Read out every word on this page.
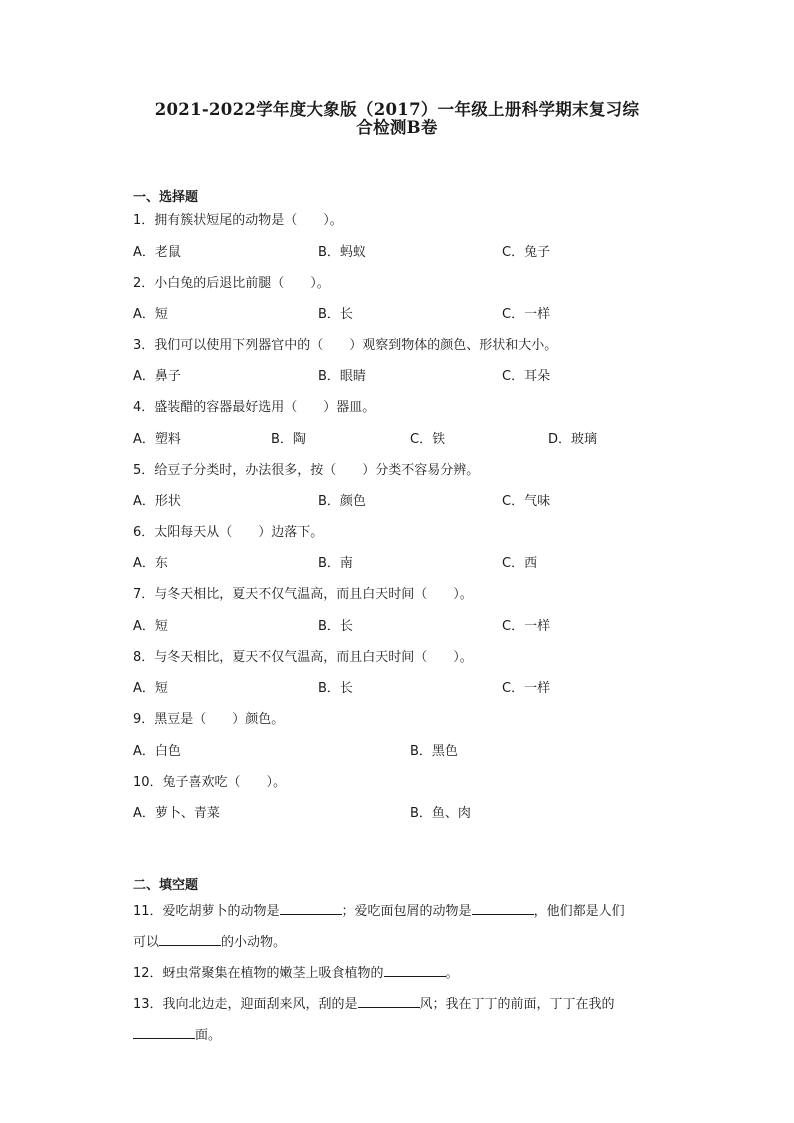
2021-2022学年度大象版（2017）一年级上册科学期末复习综
合检测B卷
一、选择题
1．拥有簇状短尾的动物是（　　）。
A．老鼠	B．蚂蚁	C．兔子
2．小白兔的后退比前腿（　　）。
A．短	B．长	C．一样
3．我们可以使用下列器官中的（　　）观察到物体的颜色、形状和大小。
A．鼻子	B．眼睛	C．耳朵
4．盛装醋的容器最好选用（　　）器皿。
A．塑料	B．陶	C．铁	D．玻璃
5．给豆子分类时，办法很多，按（　　）分类不容易分辨。
A．形状	B．颜色	C．气味
6．太阳每天从（　　）边落下。
A．东	B．南	C．西
7．与冬天相比，夏天不仅气温高，而且白天时间（　　）。
A．短	B．长	C．一样
8．与冬天相比，夏天不仅气温高，而且白天时间（　　）。
A．短	B．长	C．一样
9．黑豆是（　　）颜色。
A．白色	B．黑色
10．兔子喜欢吃（　　）。
A．萝卜、青菜	B．鱼、肉
二、填空题
11．爱吃胡萝卜的动物是	；爱吃面包屑的动物是	，他们都是人们
可以	的小动物。
12．蚜虫常聚集在植物的嫩茎上吸食植物的	。
13．我向北边走，迎面刮来风，刮的是	风；我在丁丁的前面，丁丁在我的
面。
